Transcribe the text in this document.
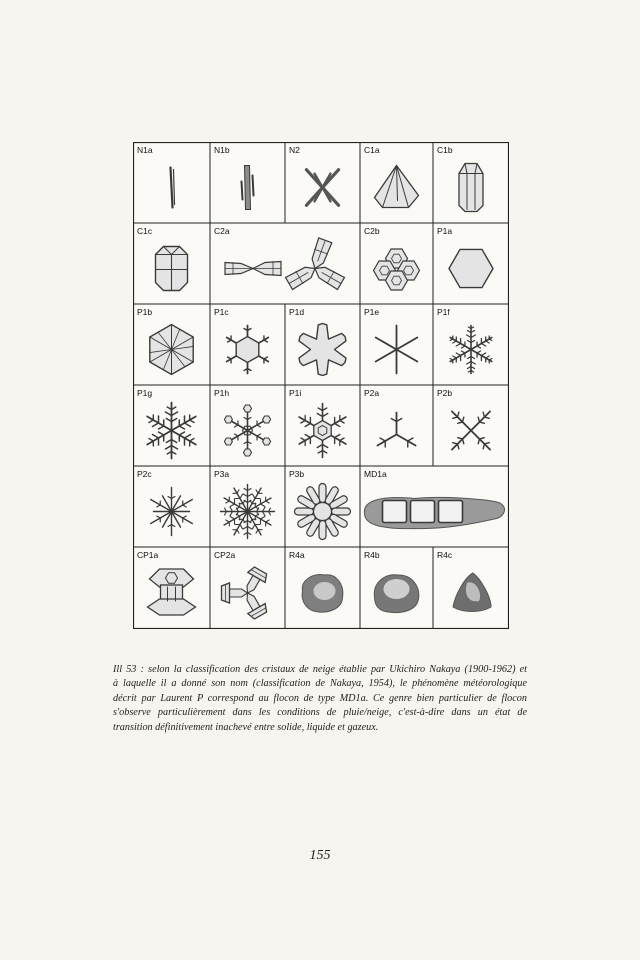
N1a	N1b	N2	C1a	C1b
C1c	C2a	C2b	P1a
P1b	P1c	P1d	P1e	P1f
P1g	P1h	P1i	P2a	P2b
P2c	P3a	P3b	MD1a
CP1a	CP2a	R4a	R4b	R4c
Ill 53 : selon la classification des cristaux de neige établie par Ukichiro Nakaya (1900-1962) et
à laquelle il a donné son nom (classification de Nakaya, 1954), le phénomène météorologique
décrit par Laurent P correspond au flocon de type MD1a. Ce genre bien particulier de flocon
s'observe particulièrement dans les conditions de pluie/neige, c'est-à-dire dans un état de
transition définitivement inachevé entre solide, liquide et gazeux.
155
